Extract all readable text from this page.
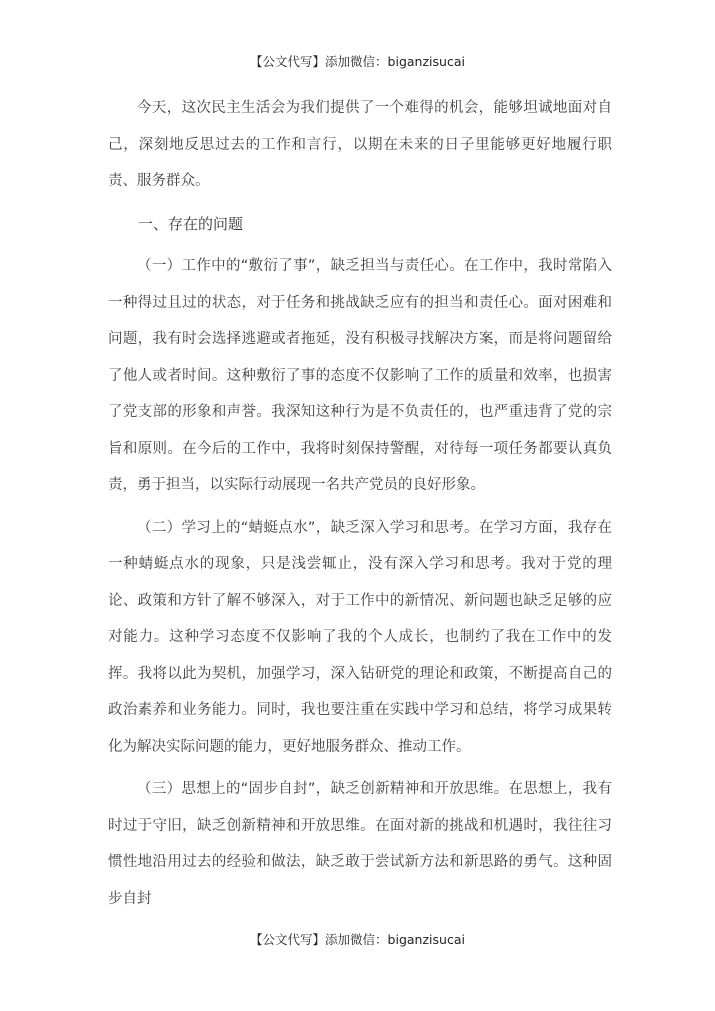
【公文代写】添加微信：biganzisucai

今天，这次民主生活会为我们提供了一个难得的机会，能够坦诚地面对自己，深刻地反思过去的工作和言行，以期在未来的日子里能够更好地履行职责、服务群众。

一、存在的问题

（一）工作中的“敷衍了事”，缺乏担当与责任心。在工作中，我时常陷入一种得过且过的状态，对于任务和挑战缺乏应有的担当和责任心。面对困难和问题，我有时会选择逃避或者拖延，没有积极寻找解决方案，而是将问题留给了他人或者时间。这种敷衍了事的态度不仅影响了工作的质量和效率，也损害了党支部的形象和声誉。我深知这种行为是不负责任的，也严重违背了党的宗旨和原则。在今后的工作中，我将时刻保持警醒，对待每一项任务都要认真负责，勇于担当，以实际行动展现一名共产党员的良好形象。

（二）学习上的“蜻蜓点水”，缺乏深入学习和思考。在学习方面，我存在一种蜻蜓点水的现象，只是浅尝辄止，没有深入学习和思考。我对于党的理论、政策和方针了解不够深入，对于工作中的新情况、新问题也缺乏足够的应对能力。这种学习态度不仅影响了我的个人成长，也制约了我在工作中的发挥。我将以此为契机，加强学习，深入钻研党的理论和政策，不断提高自己的政治素养和业务能力。同时，我也要注重在实践中学习和总结，将学习成果转化为解决实际问题的能力，更好地服务群众、推动工作。

（三）思想上的“固步自封”，缺乏创新精神和开放思维。在思想上，我有时过于守旧，缺乏创新精神和开放思维。在面对新的挑战和机遇时，我往往习惯性地沿用过去的经验和做法，缺乏敢于尝试新方法和新思路的勇气。这种固步自封

【公文代写】添加微信：biganzisucai
